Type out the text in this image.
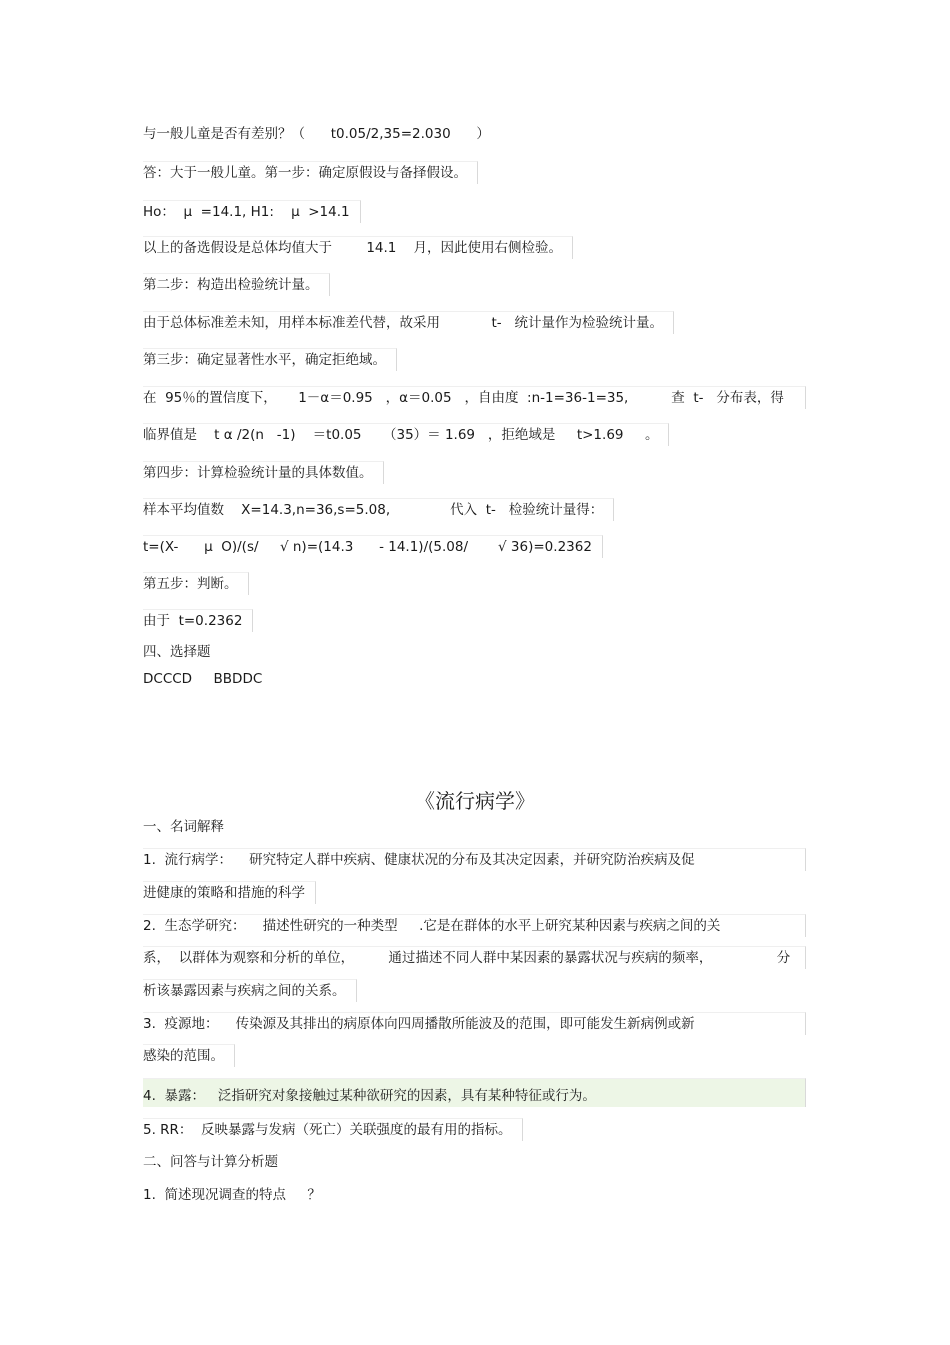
与一般儿童是否有差别？（      t0.05/2,35=2.030      ）
答：大于一般儿童。第一步：确定原假设与备择假设。
Ho：  μ  =14.1, H1:    μ  >14.1
以上的备选假设是总体均值大于        14.1    月，因此使用右侧检验。
第二步：构造出检验统计量。
由于总体标准差未知，用样本标准差代替，故采用            t-   统计量作为检验统计量。
第三步：确定显著性水平，确定拒绝域。
在  95％的置信度下，     1－α＝0.95   ，α＝0.05   ，自由度  :n-1=36-1=35,          查  t-   分布表，得
临界值是    t α /2(n   -1)    ＝t0.05     （35）＝ 1.69   ，拒绝域是     t>1.69     。
第四步：计算检验统计量的具体数值。
样本平均值数    X=14.3,n=36,s=5.08,              代入  t-   检验统计量得：
t=(X-      μ  O)/(s/     √ n)=(14.3      - 14.1)/(5.08/       √ 36)=0.2362
第五步：判断。
由于  t=0.2362
四、选择题
DCCCD     BBDDC
《流行病学》
一、名词解释
1.  流行病学：    研究特定人群中疾病、健康状况的分布及其决定因素，并研究防治疾病及促
进健康的策略和措施的科学
2.  生态学研究：    描述性研究的一种类型     .它是在群体的水平上研究某种因素与疾病之间的关
系，  以群体为观察和分析的单位，        通过描述不同人群中某因素的暴露状况与疾病的频率，               分
析该暴露因素与疾病之间的关系。
3.  疫源地：    传染源及其排出的病原体向四周播散所能波及的范围，即可能发生新病例或新
感染的范围。
4.  暴露：   泛指研究对象接触过某种欲研究的因素，具有某种特征或行为。
5. RR：  反映暴露与发病（死亡）关联强度的最有用的指标。
二、问答与计算分析题
1.  简述现况调查的特点     ？
